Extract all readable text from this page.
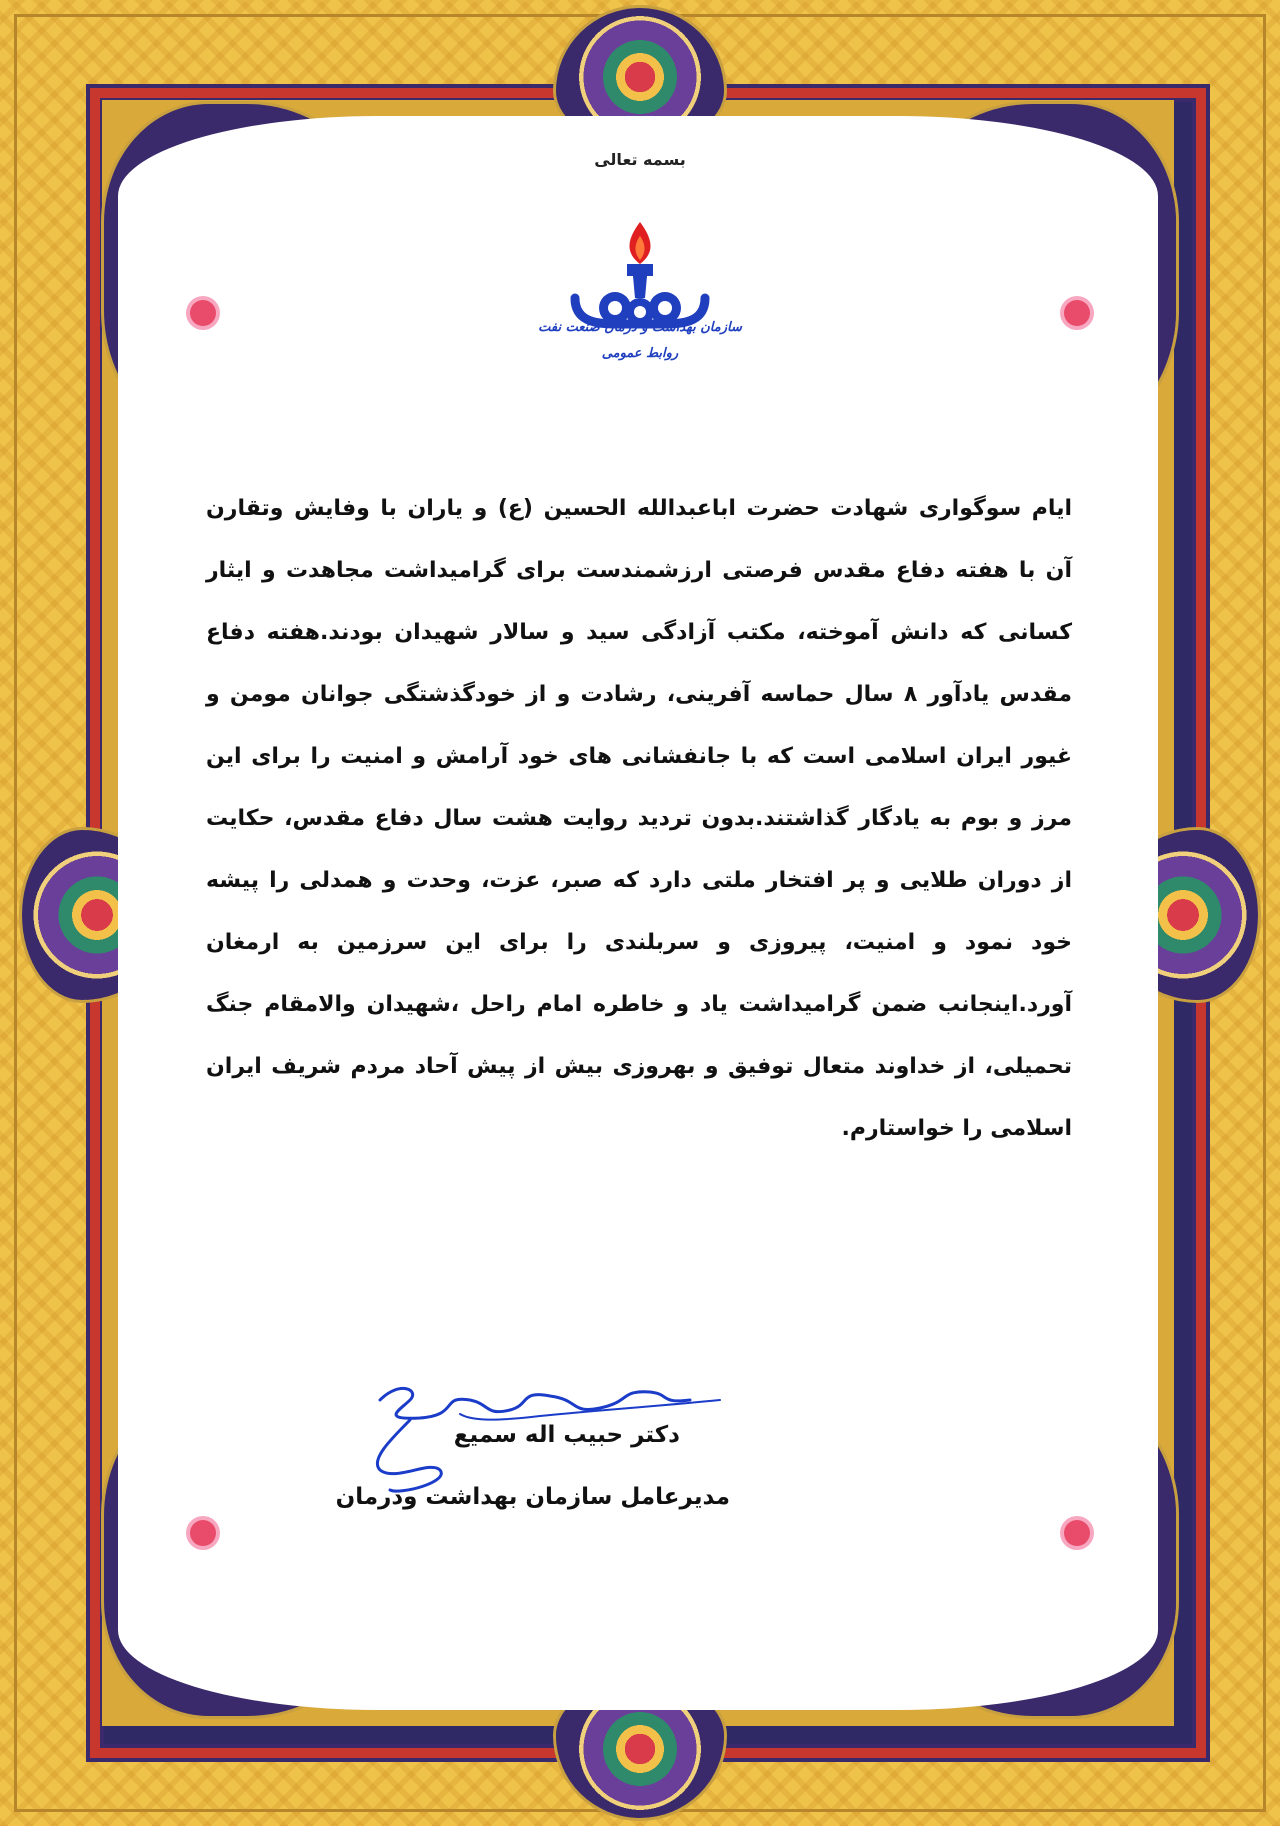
بسمه تعالی
سازمان بهداشت و درمان صنعت نفت
روابط عمومی
ایام سوگواری شهادت حضرت اباعبدالله الحسین (ع) و یاران با وفایش وتقارن آن با هفته دفاع مقدس فرصتی ارزشمندست برای گرامیداشت مجاهدت و ایثار کسانی که دانش آموخته، مکتب آزادگی سید و سالار شهیدان بودند.هفته دفاع مقدس یادآور ۸ سال حماسه آفرینی، رشادت و از خودگذشتگی جوانان مومن و غیور ایران اسلامی است که با جانفشانی های خود آرامش و امنیت را برای این مرز و بوم به یادگار گذاشتند.بدون تردید روایت هشت سال دفاع مقدس، حکایت از دوران طلایی و پر افتخار ملتی دارد که صبر، عزت، وحدت و همدلی را پیشه خود نمود و امنیت، پیروزی و سربلندی را برای این سرزمین به ارمغان آورد.اینجانب ضمن گرامیداشت یاد و خاطره امام راحل ،شهیدان والامقام جنگ تحمیلی، از خداوند متعال توفیق و بهروزی بیش از پیش آحاد مردم شریف ایران اسلامی را خواستارم.
دکتر حبیب اله سمیع
مدیرعامل سازمان بهداشت ودرمان
